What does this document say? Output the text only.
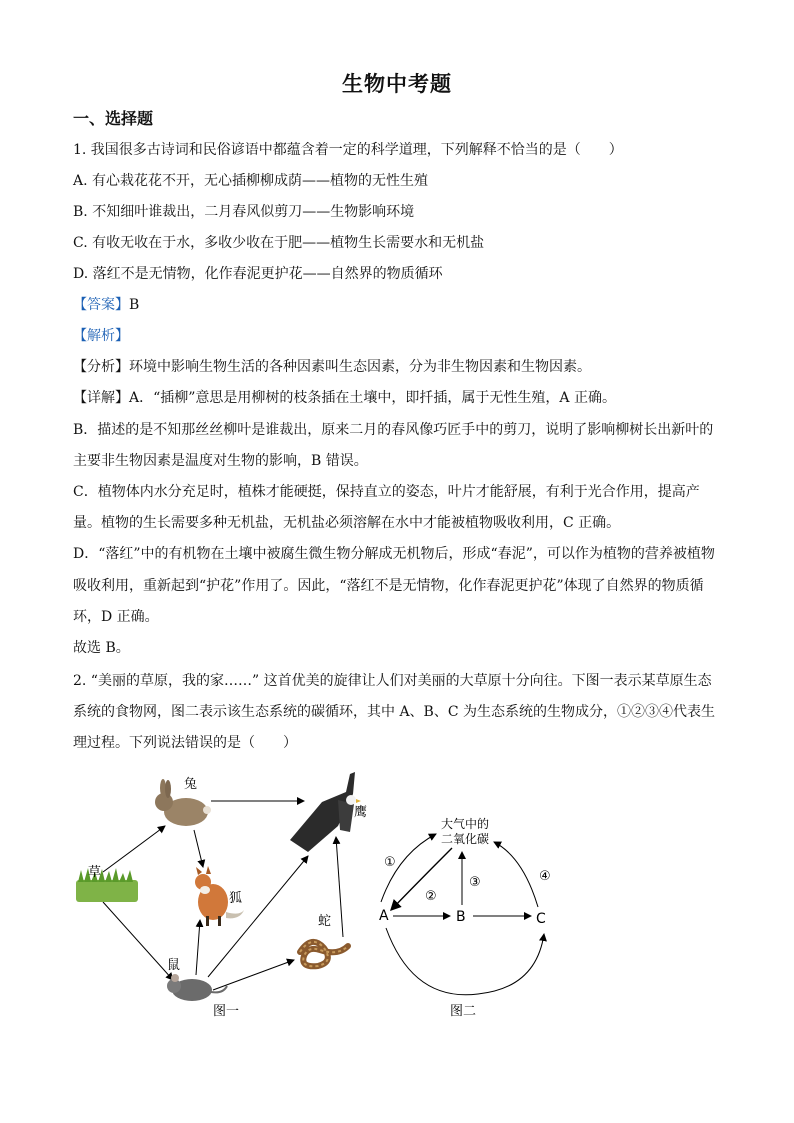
生物中考题
一、选择题
1. 我国很多古诗词和民俗谚语中都蕴含着一定的科学道理，下列解释不恰当的是（　　）
A. 有心栽花花不开，无心插柳柳成荫——植物的无性生殖
B. 不知细叶谁裁出，二月春风似剪刀——生物影响环境
C. 有收无收在于水，多收少收在于肥——植物生长需要水和无机盐
D. 落红不是无情物，化作春泥更护花——自然界的物质循环
【答案】B
【解析】
【分析】环境中影响生物生活的各种因素叫生态因素，分为非生物因素和生物因素。
【详解】A．“插柳”意思是用柳树的枝条插在土壤中，即扦插，属于无性生殖，A 正确。
B．描述的是不知那丝丝柳叶是谁裁出，原来二月的春风像巧匠手中的剪刀，说明了影响柳树长出新叶的
主要非生物因素是温度对生物的影响，B 错误。
C．植物体内水分充足时，植株才能硬挺，保持直立的姿态，叶片才能舒展，有利于光合作用，提高产
量。植物的生长需要多种无机盐，无机盐必须溶解在水中才能被植物吸收利用，C 正确。
D．“落红”中的有机物在土壤中被腐生微生物分解成无机物后，形成“春泥”，可以作为植物的营养被植物
吸收利用，重新起到“护花”作用了。因此，“落红不是无情物，化作春泥更护花”体现了自然界的物质循
环，D 正确。
故选 B。
2. “美丽的草原，我的家……” 这首优美的旋律让人们对美丽的大草原十分向往。下图一表示某草原生态
系统的食物网，图二表示该生态系统的碳循环，其中 A、B、C 为生态系统的生物成分，①②③④代表生
理过程。下列说法错误的是（　　）
兔
鹰
草
狐
蛇
鼠
图一
大气中的
二氧化碳
A	B	C
①
②
③	④
图二
